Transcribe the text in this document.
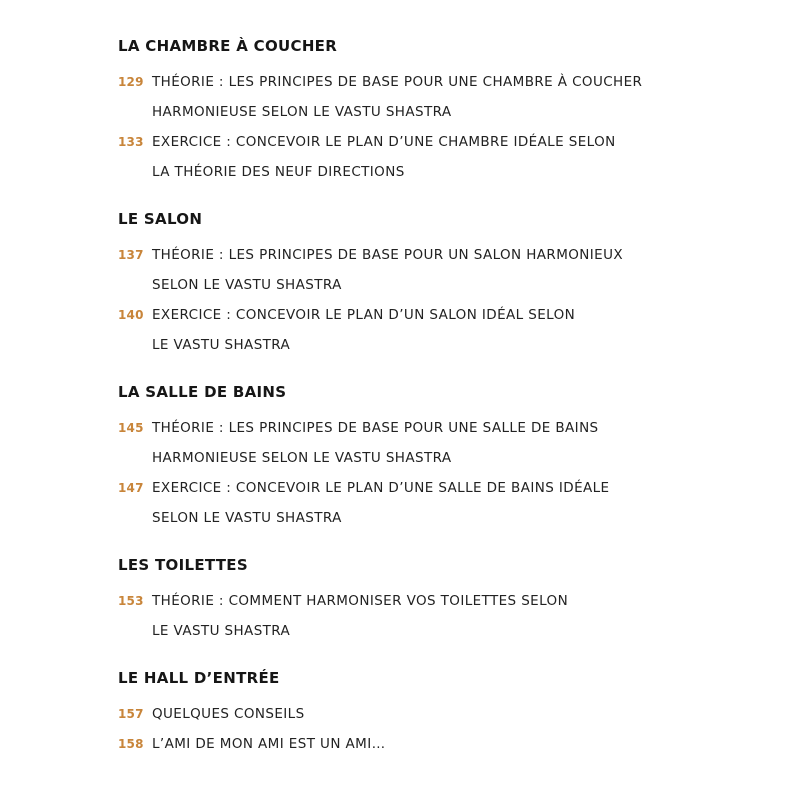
LA CHAMBRE À COUCHER
129 THÉORIE : LES PRINCIPES DE BASE POUR UNE CHAMBRE À COUCHER
HARMONIEUSE SELON LE VASTU SHASTRA
133 EXERCICE : CONCEVOIR LE PLAN D’UNE CHAMBRE IDÉALE SELON
LA THÉORIE DES NEUF DIRECTIONS
LE SALON
137 THÉORIE : LES PRINCIPES DE BASE POUR UN SALON HARMONIEUX
SELON LE VASTU SHASTRA
140 EXERCICE : CONCEVOIR LE PLAN D’UN SALON IDÉAL SELON
LE VASTU SHASTRA
LA SALLE DE BAINS
145 THÉORIE : LES PRINCIPES DE BASE POUR UNE SALLE DE BAINS
HARMONIEUSE SELON LE VASTU SHASTRA
147 EXERCICE : CONCEVOIR LE PLAN D’UNE SALLE DE BAINS IDÉALE
SELON LE VASTU SHASTRA
LES TOILETTES
153 THÉORIE : COMMENT HARMONISER VOS TOILETTES SELON
LE VASTU SHASTRA
LE HALL D’ENTRÉE
157 QUELQUES CONSEILS
158 L’AMI DE MON AMI EST UN AMI…
